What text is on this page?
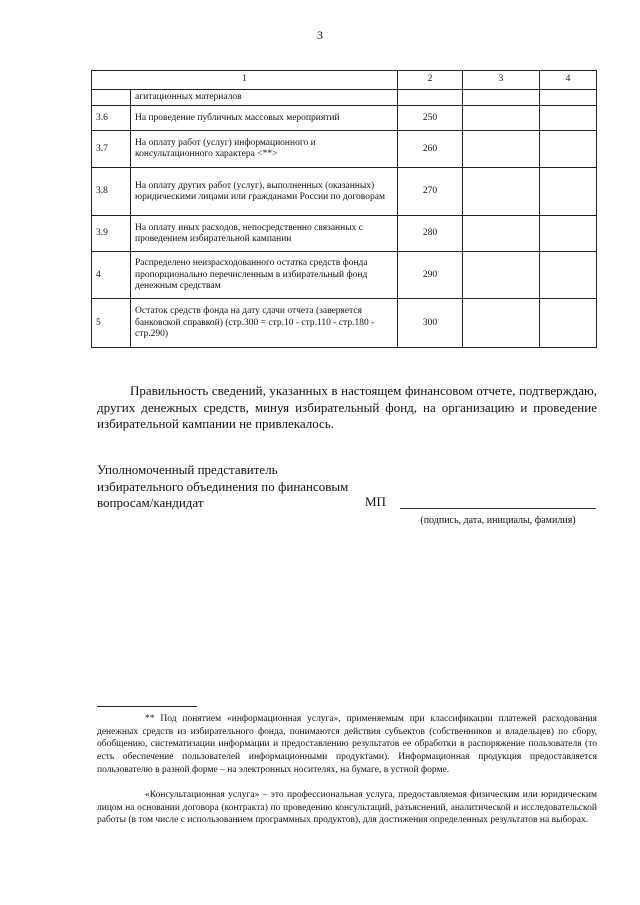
3
1		2	3	4
	агитационных материалов			
3.6	На проведение публичных массовых мероприятий	250		
3.7	На оплату работ (услуг) информационного и консультационного характера <**>	260		
3.8	На оплату других работ (услуг), выполненных (оказанных) юридическими лицами или гражданами России по договорам	270		
3.9	На оплату иных расходов, непосредственно связанных с проведением избирательной кампании	280		
4	Распределено неизрасходованного остатка средств фонда пропорционально перечисленным в избирательный фонд денежным средствам	290		
5	Остаток средств фонда на дату сдачи отчета (заверяется банковской справкой) (стр.300 = стр.10 - стр.110 - стр.180 - стр.290)	300		
Правильность сведений, указанных в настоящем финансовом отчете, подтверждаю, других денежных средств, минуя избирательный фонд, на организацию и проведение избирательной кампании не привлекалось.
Уполномоченный представитель
избирательного объединения по финансовым
вопросам/кандидат	МП
(подпись, дата, инициалы, фамилия)
** Под понятием «информационная услуга», применяемым при классификации платежей расходования денежных средств из избирательного фонда, понимаются действия субъектов (собственников и владельцев) по сбору, обобщению, систематизации информации и предоставлению результатов ее обработки в распоряжение пользователя (то есть обеспечение пользователей информационными продуктами). Информационная продукция предоставляется пользователю в разной форме – на электронных носителях, на бумаге, в устной форме.
«Консультационная услуга» – это профессиональная услуга, предоставляемая физическим или юридическим лицом на основании договора (контракта) по проведению консультаций, разъяснений, аналитической и исследовательской работы (в том числе с использованием программных продуктов), для достижения определенных результатов на выборах.
